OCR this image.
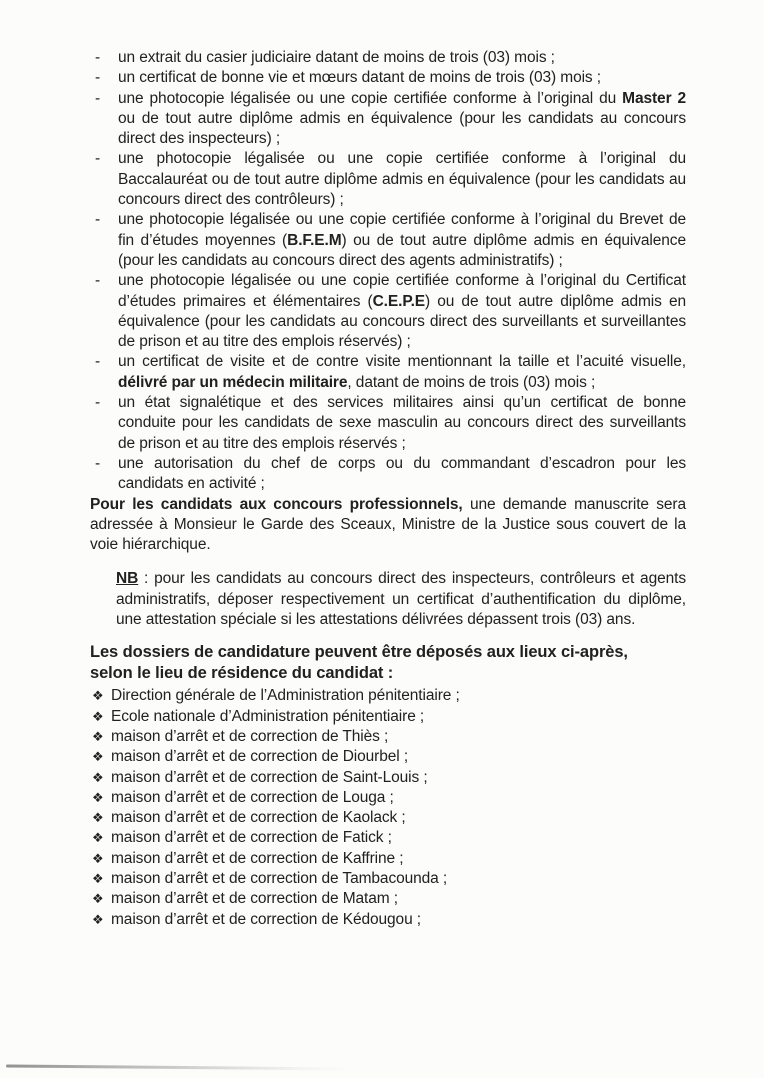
- un extrait du casier judiciaire datant de moins de trois (03) mois ;
- un certificat de bonne vie et mœurs datant de moins de trois (03) mois ;
- une photocopie légalisée ou une copie certifiée conforme à l’original du Master 2 ou de tout autre diplôme admis en équivalence (pour les candidats au concours direct des inspecteurs) ;
- une photocopie légalisée ou une copie certifiée conforme à l’original du Baccalauréat ou de tout autre diplôme admis en équivalence (pour les candidats au concours direct des contrôleurs) ;
- une photocopie légalisée ou une copie certifiée conforme à l’original du Brevet de fin d’études moyennes (B.F.E.M) ou de tout autre diplôme admis en équivalence (pour les candidats au concours direct des agents administratifs) ;
- une photocopie légalisée ou une copie certifiée conforme à l’original du Certificat d’études primaires et élémentaires (C.E.P.E) ou de tout autre diplôme admis en équivalence (pour les candidats au concours direct des surveillants et surveillantes de prison et au titre des emplois réservés) ;
- un certificat de visite et de contre visite mentionnant la taille et l’acuité visuelle, délivré par un médecin militaire, datant de moins de trois (03) mois ;
- un état signalétique et des services militaires ainsi qu’un certificat de bonne conduite pour les candidats de sexe masculin au concours direct des surveillants de prison et au titre des emplois réservés ;
- une autorisation du chef de corps ou du commandant d’escadron pour les candidats en activité ;

Pour les candidats aux concours professionnels, une demande manuscrite sera adressée à Monsieur le Garde des Sceaux, Ministre de la Justice sous couvert de la voie hiérarchique.

NB : pour les candidats au concours direct des inspecteurs, contrôleurs et agents administratifs, déposer respectivement un certificat d’authentification du diplôme, une attestation spéciale si les attestations délivrées dépassent trois (03) ans.

Les dossiers de candidature peuvent être déposés aux lieux ci-après,
selon le lieu de résidence du candidat :
❖ Direction générale de l’Administration pénitentiaire ;
❖ Ecole nationale d’Administration pénitentiaire ;
❖ maison d’arrêt et de correction de Thiès ;
❖ maison d’arrêt et de correction de Diourbel ;
❖ maison d’arrêt et de correction de Saint-Louis ;
❖ maison d’arrêt et de correction de Louga ;
❖ maison d’arrêt et de correction de Kaolack ;
❖ maison d’arrêt et de correction de Fatick ;
❖ maison d’arrêt et de correction de Kaffrine ;
❖ maison d’arrêt et de correction de Tambacounda ;
❖ maison d’arrêt et de correction de Matam ;
❖ maison d’arrêt et de correction de Kédougou ;
